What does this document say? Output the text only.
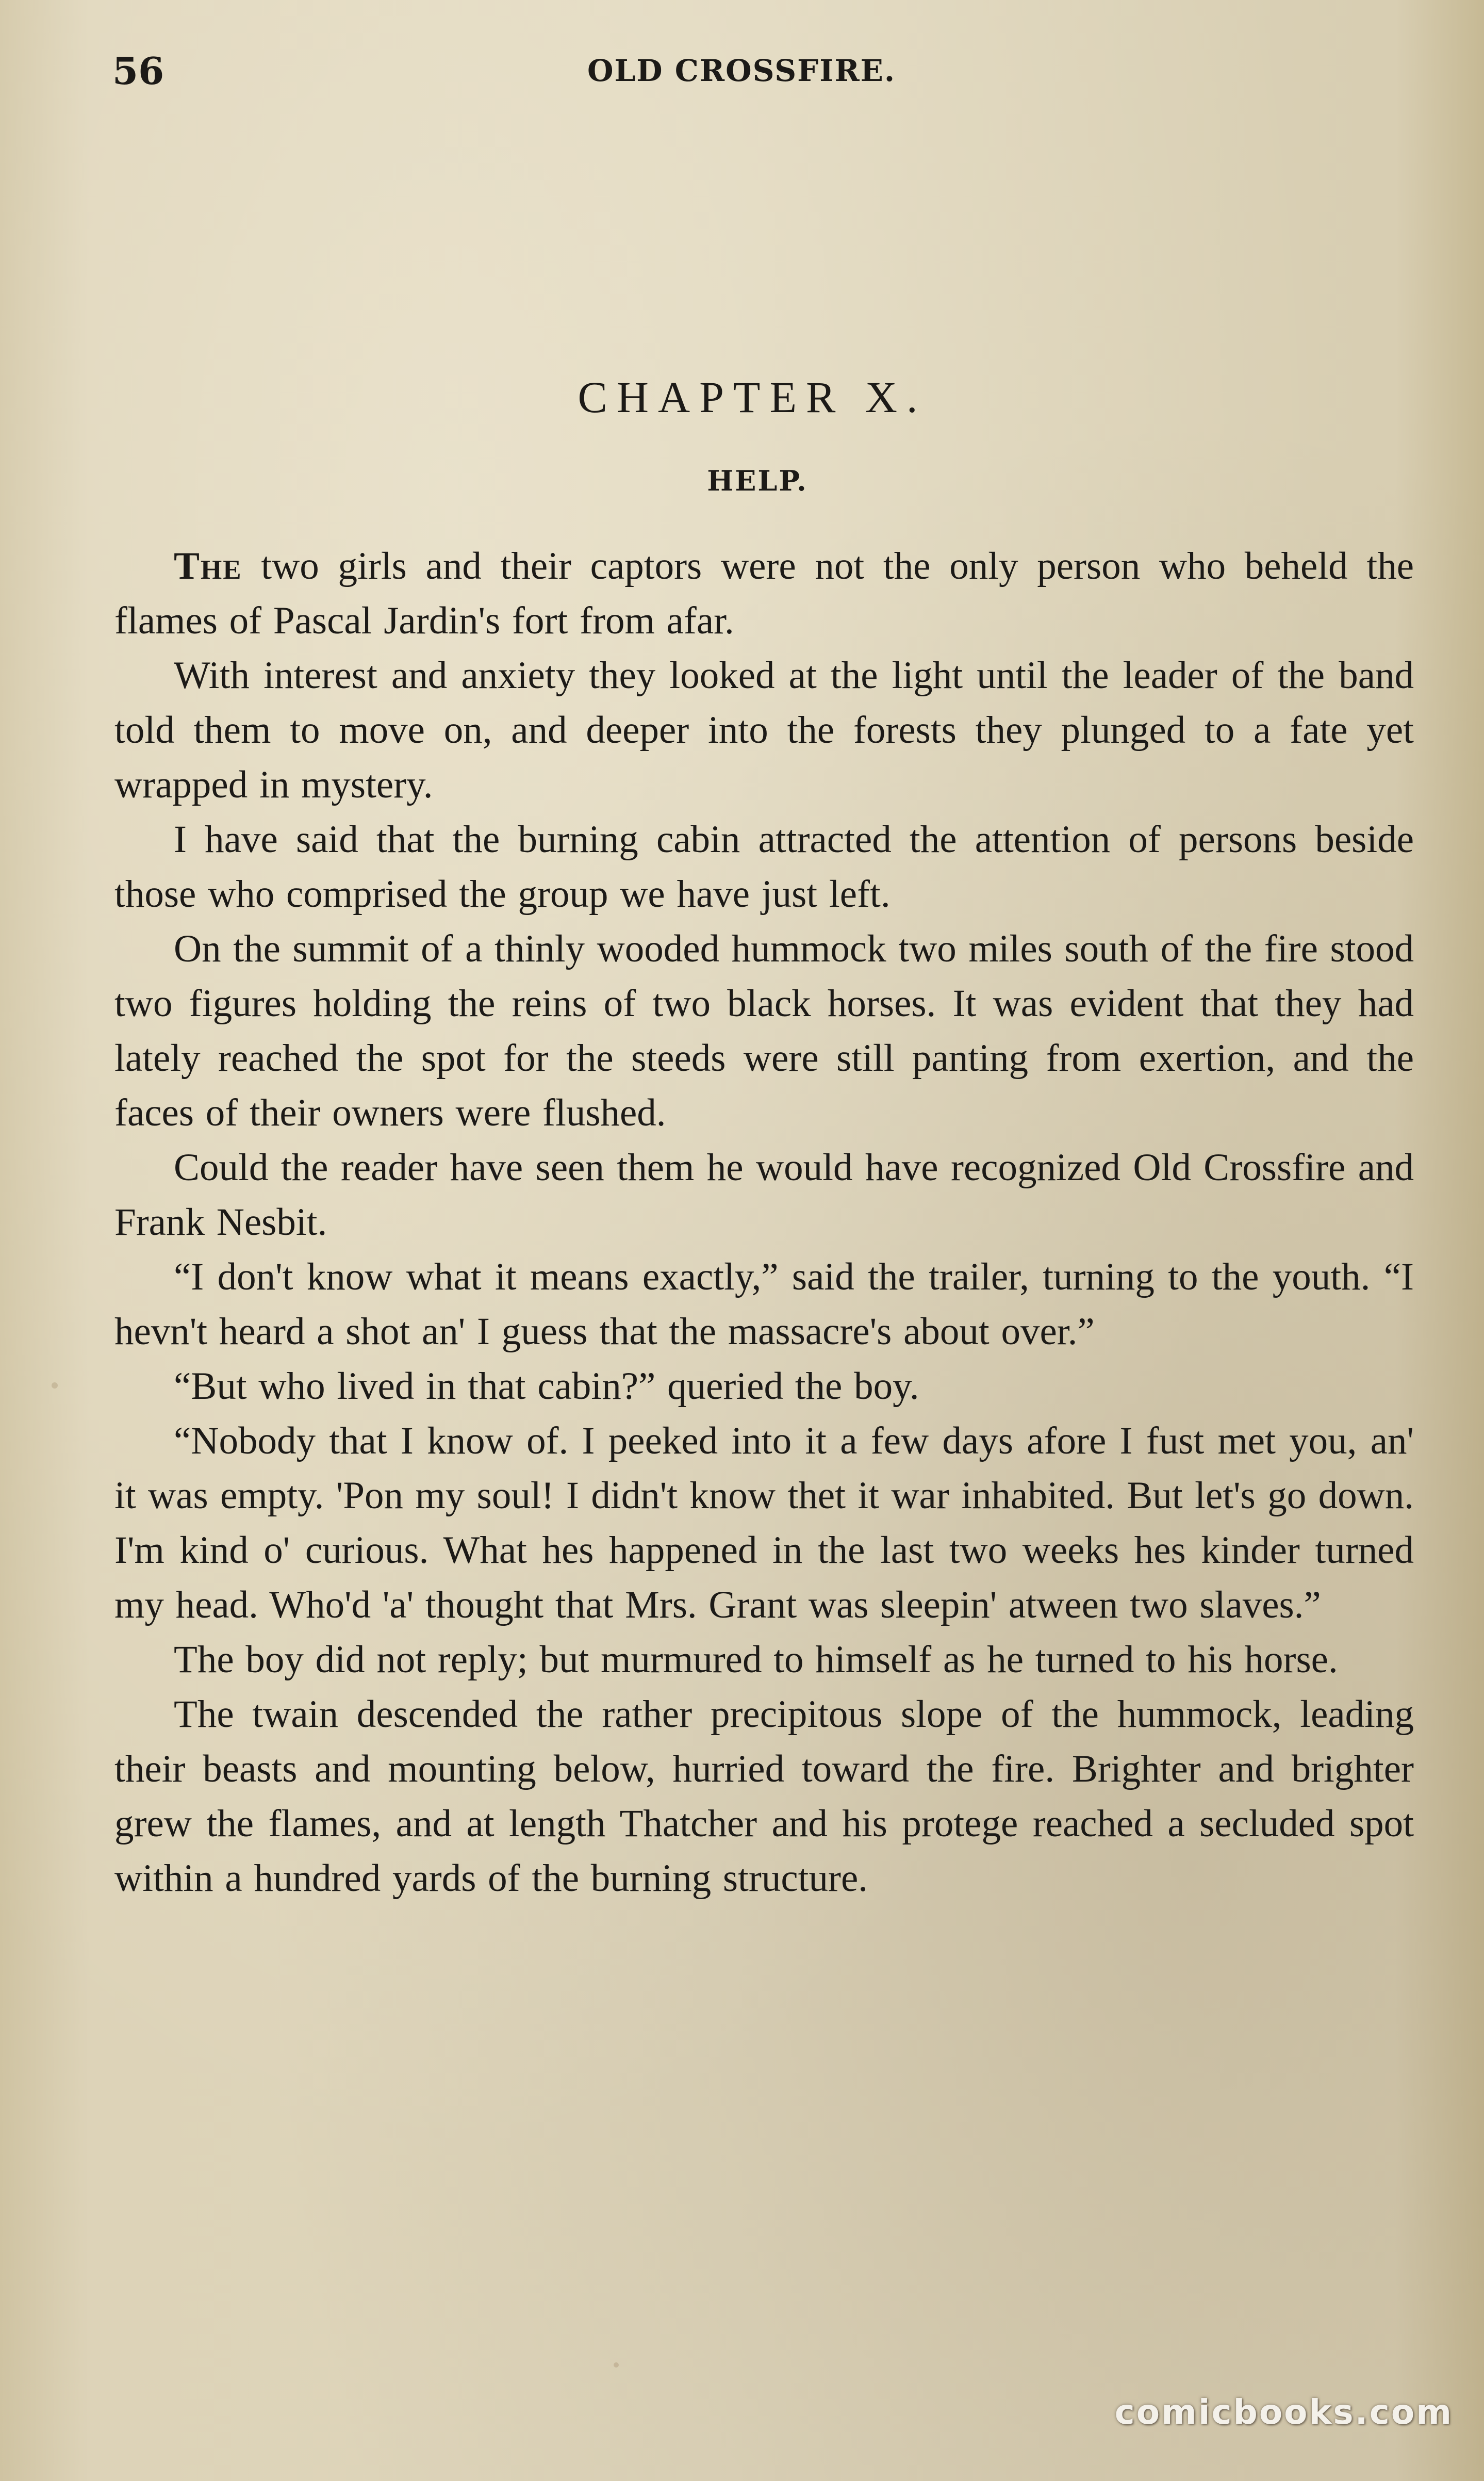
56	OLD CROSSFIRE.
CHAPTER X.
HELP.

The two girls and their captors were not the only person who beheld the flames of Pascal Jardin's fort from afar.

With interest and anxiety they looked at the light until the leader of the band told them to move on, and deeper into the forests they plunged to a fate yet wrapped in mystery.

I have said that the burning cabin attracted the attention of persons beside those who comprised the group we have just left.

On the summit of a thinly wooded hummock two miles south of the fire stood two figures holding the reins of two black horses. It was evident that they had lately reached the spot for the steeds were still panting from exertion, and the faces of their owners were flushed.

Could the reader have seen them he would have recognized Old Crossfire and Frank Nesbit.

“I don't know what it means exactly,” said the trailer, turning to the youth. “I hevn't heard a shot an' I guess that the massacre's about over.”

“But who lived in that cabin?” queried the boy.

“Nobody that I know of. I peeked into it a few days afore I fust met you, an' it was empty. 'Pon my soul! I didn't know thet it war inhabited. But let's go down. I'm kind o' curious. What hes happened in the last two weeks hes kinder turned my head. Who'd 'a' thought that Mrs. Grant was sleepin' atween two slaves.”

The boy did not reply; but murmured to himself as he turned to his horse.

The twain descended the rather precipitous slope of the hummock, leading their beasts and mounting below, hurried toward the fire. Brighter and brighter grew the flames, and at length Thatcher and his protege reached a secluded spot within a hundred yards of the burning structure.

comicbooks.com
